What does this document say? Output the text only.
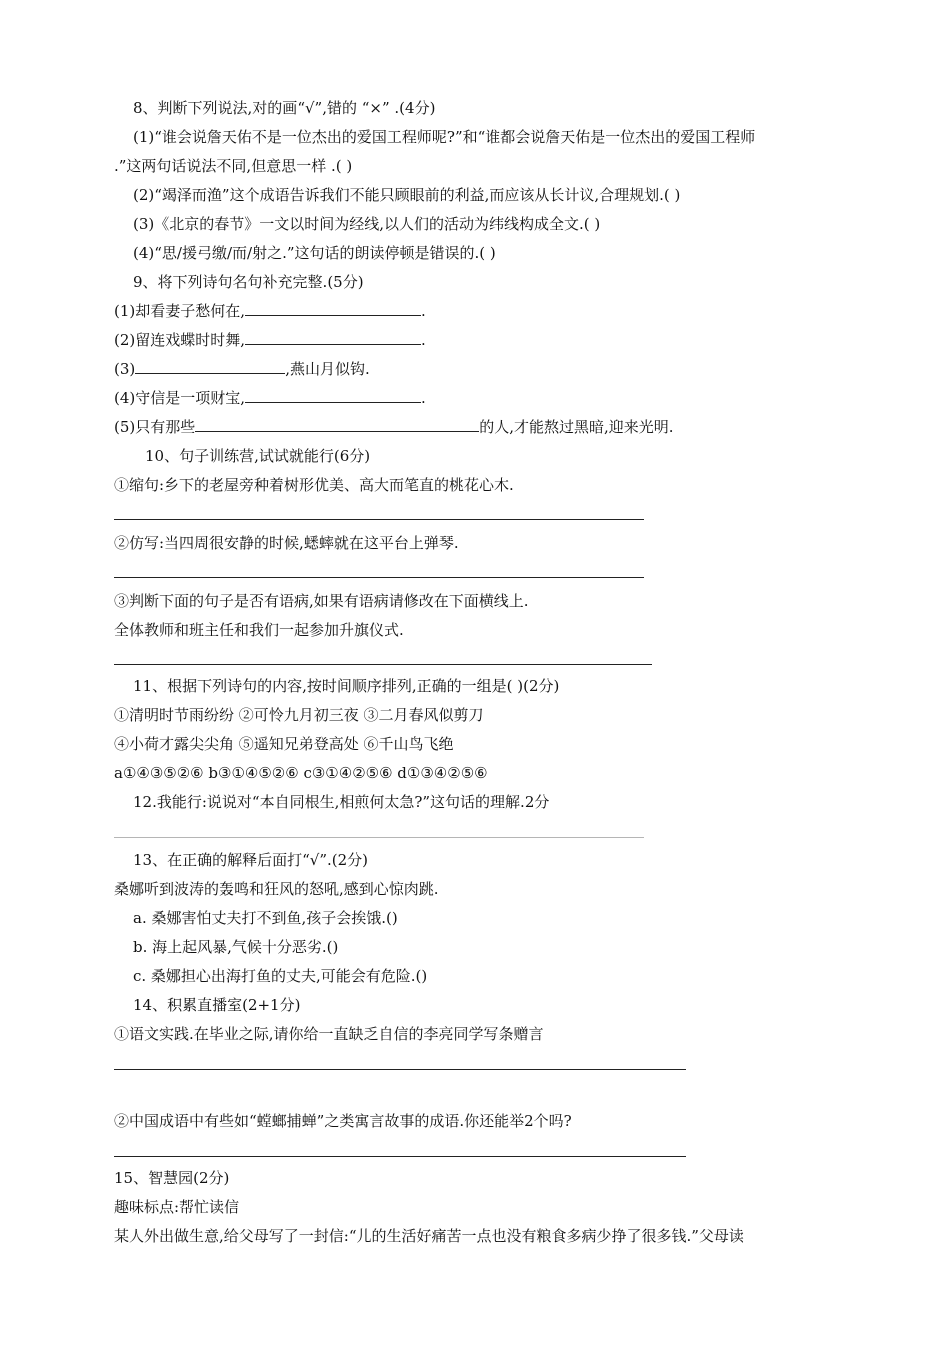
8、判断下列说法,对的画“√”,错的 “×” .(4分)
(1)“谁会说詹天佑不是一位杰出的爱国工程师呢?”和“谁都会说詹天佑是一位杰出的爱国工程师
.”这两句话说法不同,但意思一样 .( )
(2)“竭泽而渔”这个成语告诉我们不能只顾眼前的利益,而应该从长计议,合理规划.( )
(3)《北京的春节》一文以时间为经线,以人们的活动为纬线构成全文.( )
(4)“思/援弓缴/而/射之.”这句话的朗读停顿是错误的.( )
9、将下列诗句名句补充完整.(5分)
(1)却看妻子愁何在,	.
(2)留连戏蝶时时舞,	.
(3)	,燕山月似钩.
(4)守信是一项财宝,	.
(5)只有那些	的人,才能熬过黑暗,迎来光明.
10、句子训练营,试试就能行(6分)
①缩句:乡下的老屋旁种着树形优美、高大而笔直的桃花心木.
②仿写:当四周很安静的时候,蟋蟀就在这平台上弹琴.
③判断下面的句子是否有语病,如果有语病请修改在下面横线上.
全体教师和班主任和我们一起参加升旗仪式.
11、根据下列诗句的内容,按时间顺序排列,正确的一组是( )(2分)
①清明时节雨纷纷 ②可怜九月初三夜 ③二月春风似剪刀
④小荷才露尖尖角 ⑤遥知兄弟登高处 ⑥千山鸟飞绝
a①④③⑤②⑥ b③①④⑤②⑥ c③①④②⑤⑥ d①③④②⑤⑥
12.我能行:说说对“本自同根生,相煎何太急?”这句话的理解.2分
13、在正确的解释后面打“√”.(2分)
桑娜听到波涛的轰鸣和狂风的怒吼,感到心惊肉跳.
a. 桑娜害怕丈夫打不到鱼,孩子会挨饿.()
b. 海上起风暴,气候十分恶劣.()
c. 桑娜担心出海打鱼的丈夫,可能会有危险.()
14、积累直播室(2+1分)
①语文实践.在毕业之际,请你给一直缺乏自信的李亮同学写条赠言
②中国成语中有些如“螳螂捕蝉”之类寓言故事的成语.你还能举2个吗?
15、智慧园(2分)
趣味标点:帮忙读信
某人外出做生意,给父母写了一封信:“儿的生活好痛苦一点也没有粮食多病少挣了很多钱.”父母读
